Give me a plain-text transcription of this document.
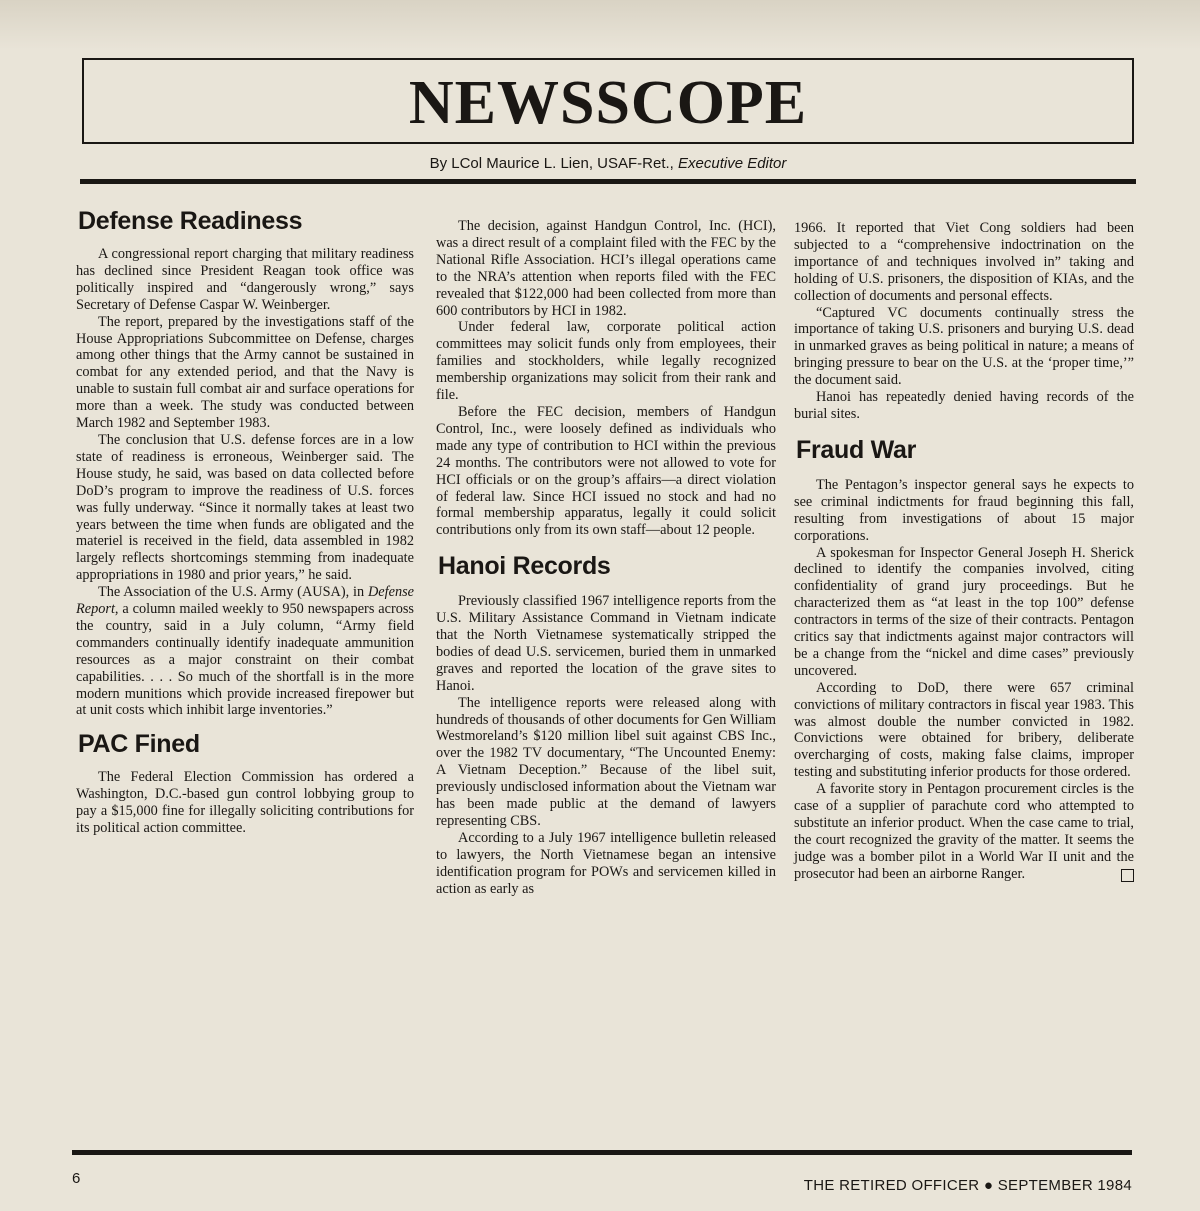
NEWSSCOPE
By LCol Maurice L. Lien, USAF-Ret., Executive Editor
Defense Readiness

A congressional report charging that military readiness has declined since President Reagan took office was politically inspired and “dangerously wrong,” says Secretary of Defense Caspar W. Weinberger.

The report, prepared by the investigations staff of the House Appropriations Subcommittee on Defense, charges among other things that the Army cannot be sustained in combat for any extended period, and that the Navy is unable to sustain full combat air and surface operations for more than a week. The study was conducted between March 1982 and September 1983.

The conclusion that U.S. defense forces are in a low state of readiness is erroneous, Weinberger said. The House study, he said, was based on data collected before DoD’s program to improve the readiness of U.S. forces was fully underway. “Since it normally takes at least two years between the time when funds are obligated and the materiel is received in the field, data assembled in 1982 largely reflects shortcomings stemming from inadequate appropriations in 1980 and prior years,” he said.

The Association of the U.S. Army (AUSA), in Defense Report, a column mailed weekly to 950 newspapers across the country, said in a July column, “Army field commanders continually identify inadequate ammunition resources as a major constraint on their combat capabilities. . . . So much of the shortfall is in the more modern munitions which provide increased firepower but at unit costs which inhibit large inventories.”

PAC Fined

The Federal Election Commission has ordered a Washington, D.C.-based gun control lobbying group to pay a $15,000 fine for illegally soliciting contributions for its political action committee.

The decision, against Handgun Control, Inc. (HCI), was a direct result of a complaint filed with the FEC by the National Rifle Association. HCI’s illegal operations came to the NRA’s attention when reports filed with the FEC revealed that $122,000 had been collected from more than 600 contributors by HCI in 1982.

Under federal law, corporate political action committees may solicit funds only from employees, their families and stockholders, while legally recognized membership organizations may solicit from their rank and file.

Before the FEC decision, members of Handgun Control, Inc., were loosely defined as individuals who made any type of contribution to HCI within the previous 24 months. The contributors were not allowed to vote for HCI officials or on the group’s affairs—a direct violation of federal law. Since HCI issued no stock and had no formal membership apparatus, legally it could solicit contributions only from its own staff—about 12 people.

Hanoi Records

Previously classified 1967 intelligence reports from the U.S. Military Assistance Command in Vietnam indicate that the North Vietnamese systematically stripped the bodies of dead U.S. servicemen, buried them in unmarked graves and reported the location of the grave sites to Hanoi.

The intelligence reports were released along with hundreds of thousands of other documents for Gen William Westmoreland’s $120 million libel suit against CBS Inc., over the 1982 TV documentary, “The Uncounted Enemy: A Vietnam Deception.” Because of the libel suit, previously undisclosed information about the Vietnam war has been made public at the demand of lawyers representing CBS.

According to a July 1967 intelligence bulletin released to lawyers, the North Vietnamese began an intensive identification program for POWs and servicemen killed in action as early as

1966. It reported that Viet Cong soldiers had been subjected to a “comprehensive indoctrination on the importance of and techniques involved in” taking and holding of U.S. prisoners, the disposition of KIAs, and the collection of documents and personal effects.

“Captured VC documents continually stress the importance of taking U.S. prisoners and burying U.S. dead in unmarked graves as being political in nature; a means of bringing pressure to bear on the U.S. at the ‘proper time,’” the document said.

Hanoi has repeatedly denied having records of the burial sites.

Fraud War

The Pentagon’s inspector general says he expects to see criminal indictments for fraud beginning this fall, resulting from investigations of about 15 major corporations.

A spokesman for Inspector General Joseph H. Sherick declined to identify the companies involved, citing confidentiality of grand jury proceedings. But he characterized them as “at least in the top 100” defense contractors in terms of the size of their contracts. Pentagon critics say that indictments against major contractors will be a change from the “nickel and dime cases” previously uncovered.

According to DoD, there were 657 criminal convictions of military contractors in fiscal year 1983. This was almost double the number convicted in 1982. Convictions were obtained for bribery, deliberate overcharging of costs, making false claims, improper testing and substituting inferior products for those ordered.

A favorite story in Pentagon procurement circles is the case of a supplier of parachute cord who attempted to substitute an inferior product. When the case came to trial, the court recognized the gravity of the matter. It seems the judge was a bomber pilot in a World War II unit and the prosecutor had been an airborne Ranger.

6	THE RETIRED OFFICER ● SEPTEMBER 1984
